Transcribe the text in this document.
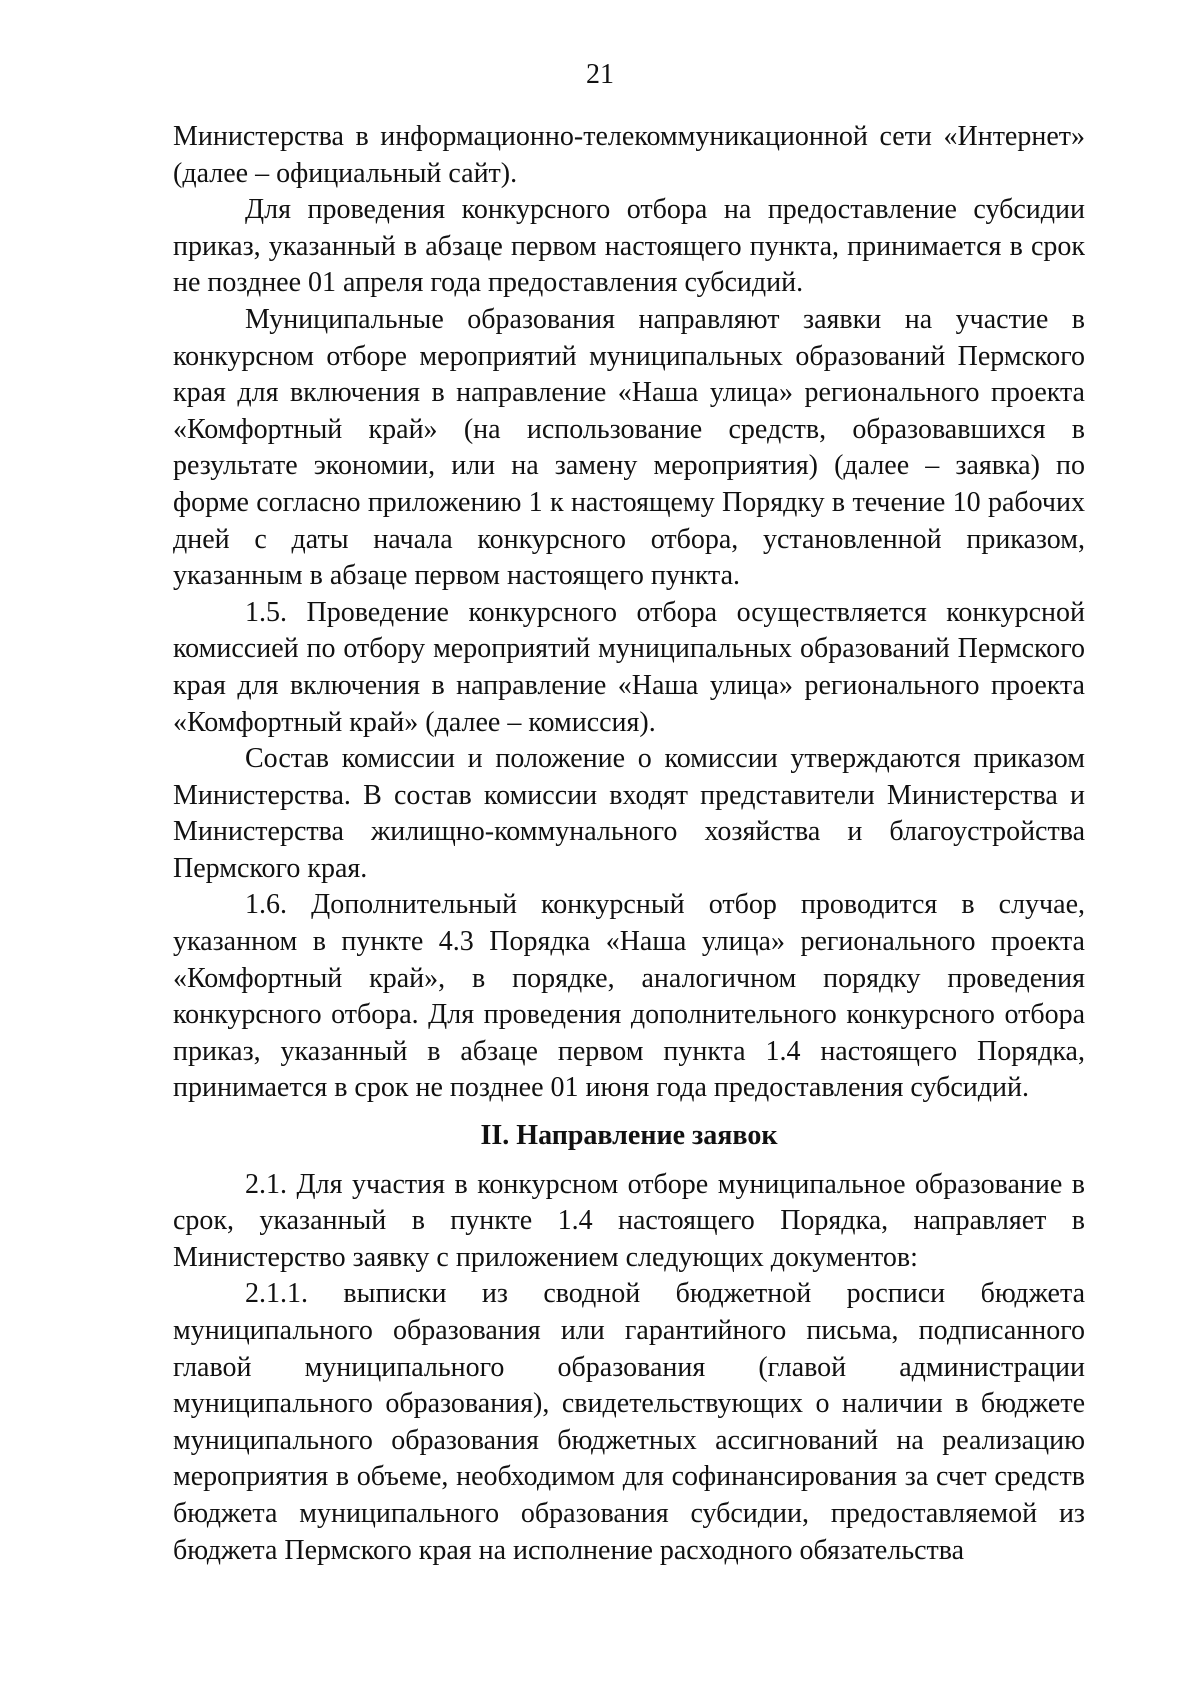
21

Министерства в информационно-телекоммуникационной сети «Интернет» (далее – официальный сайт).

Для проведения конкурсного отбора на предоставление субсидии приказ, указанный в абзаце первом настоящего пункта, принимается в срок не позднее 01 апреля года предоставления субсидий.

Муниципальные образования направляют заявки на участие в конкурсном отборе мероприятий муниципальных образований Пермского края для включения в направление «Наша улица» регионального проекта «Комфортный край» (на использование средств, образовавшихся в результате экономии, или на замену мероприятия) (далее – заявка) по форме согласно приложению 1 к настоящему Порядку в течение 10 рабочих дней с даты начала конкурсного отбора, установленной приказом, указанным в абзаце первом настоящего пункта.

1.5. Проведение конкурсного отбора осуществляется конкурсной комиссией по отбору мероприятий муниципальных образований Пермского края для включения в направление «Наша улица» регионального проекта «Комфортный край» (далее – комиссия).

Состав комиссии и положение о комиссии утверждаются приказом Министерства. В состав комиссии входят представители Министерства и Министерства жилищно-коммунального хозяйства и благоустройства Пермского края.

1.6. Дополнительный конкурсный отбор проводится в случае, указанном в пункте 4.3 Порядка «Наша улица» регионального проекта «Комфортный край», в порядке, аналогичном порядку проведения конкурсного отбора. Для проведения дополнительного конкурсного отбора приказ, указанный в абзаце первом пункта 1.4 настоящего Порядка, принимается в срок не позднее 01 июня года предоставления субсидий.

II. Направление заявок

2.1. Для участия в конкурсном отборе муниципальное образование в срок, указанный в пункте 1.4 настоящего Порядка, направляет в Министерство заявку с приложением следующих документов:

2.1.1. выписки из сводной бюджетной росписи бюджета муниципального образования или гарантийного письма, подписанного главой муниципального образования (главой администрации муниципального образования), свидетельствующих о наличии в бюджете муниципального образования бюджетных ассигнований на реализацию мероприятия в объеме, необходимом для софинансирования за счет средств бюджета муниципального образования субсидии, предоставляемой из бюджета Пермского края на исполнение расходного обязательства
